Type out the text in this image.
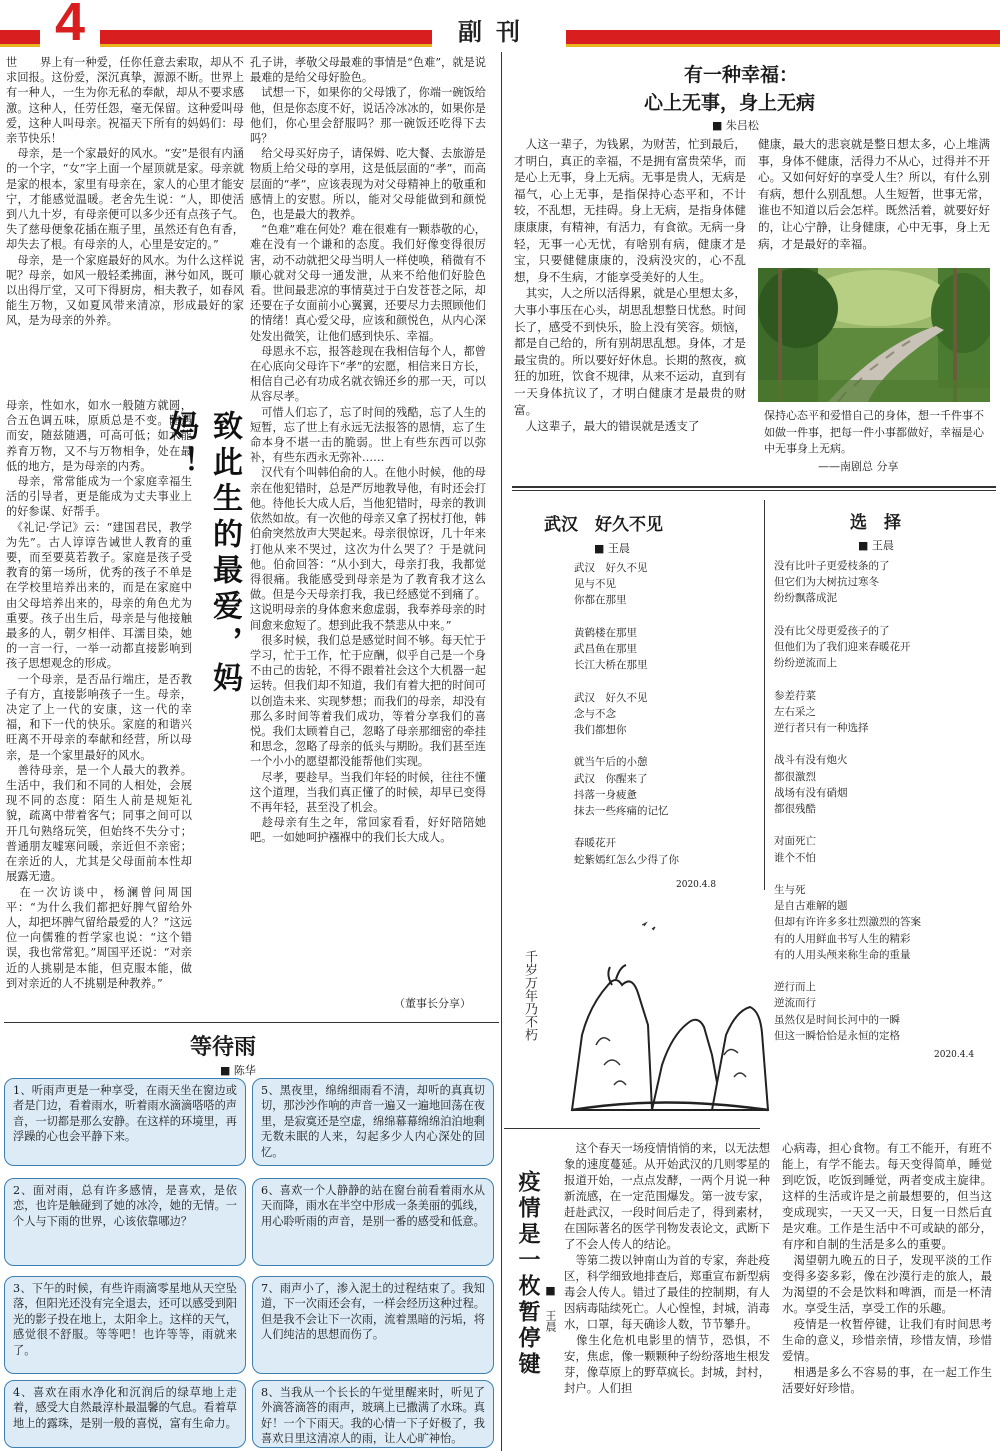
4	副刊
世　　界上有一种爱，任你任意去索取，却从不求回报。这份爱，深沉真挚，源源不断。世界上有一种人，一生为你无私的奉献，却从不要求感激。这种人，任劳任怨，毫无保留。这种爱叫母爱，这种人叫母亲。祝福天下所有的妈妈们：母亲节快乐！
　母亲，是一个家最好的风水。“安”是很有内涵的一个字，“女”字上面一个屋顶就是家。母亲就是家的根本，家里有母亲在，家人的心里才能安宁，才能感觉温暖。老舍先生说：“人，即使活到八九十岁，有母亲便可以多少还有点孩子气。失了慈母便象花插在瓶子里，虽然还有色有香，却失去了根。有母亲的人，心里是安定的。”
　母亲，是一个家庭最好的风水。为什么这样说呢？母亲，如风一般轻柔拂面，淋兮如风，既可以出得厅堂，又可下得厨房，相夫教子，如春风能生万物，又如夏风带来清凉，形成最好的家风，是为母亲的外养。
母亲，性如水，如水一般随方就圆，合五色调五味，原质总是不变。随遇而安，随兹随遇，可高可低；如水能养育万物，又不与万物相争，处在最低的地方，是为母亲的内秀。
　母亲，常常能成为一个家庭幸福生活的引导者，更是能成为丈夫事业上的好参谋、好帮手。
　《礼记·学记》云：“建国君民，教学为先”。古人谆谆告诫世人教育的重要，而至要莫若教子。家庭是孩子受教育的第一场所，优秀的孩子不单是在学校里培养出来的，而是在家庭中由父母培养出来的，母亲的角色尤为重要。孩子出生后，母亲是与他接触最多的人，朝夕相伴、耳濡目染，她的一言一行，一举一动都直接影响到孩子思想观念的形成。
　一个母亲，是否品行端庄，是否教子有方，直接影响孩子一生。母亲，决定了上一代的安康，这一代的幸福，和下一代的快乐。家庭的和谐兴旺离不开母亲的奉献和经营，所以母亲，是一个家里最好的风水。
　善待母亲，是一个人最大的教养。生活中，我们和不同的人相处，会展现不同的态度：陌生人前是规矩礼貌，疏离中带着客气；同事之间可以开几句熟络玩笑，但始终不失分寸；普通朋友嘘寒问暖，亲近但不亲密；在亲近的人，尤其是父母面前本性却展露无遗。
　在一次访谈中，杨澜曾问周国平：“为什么我们都把好脾气留给外人，却把坏脾气留给最爱的人？”这远位一向儒雅的哲学家也说：“这个错误，我也常常犯。”周国平还说：“对亲近的人挑剔是本能，但克服本能，做到对亲近的人不挑剔是种教养。”
致此生的最爱，妈妈！
孔子讲，孝敬父母最难的事情是“色难”，就是说最难的是给父母好脸色。
　试想一下，如果你的父母饿了，你端一碗饭给他，但是你态度不好，说话冷冰冰的，如果你是他们，你心里会舒服吗？那一碗饭还吃得下去吗？
　给父母买好房子，请保姆、吃大餐、去旅游是物质上给父母的享用，这是低层面的“孝”，而高层面的“孝”，应该表现为对父母精神上的敬重和感情上的安慰。所以，能对父母能做到和颜悦色，也是最大的教养。
　“色难”难在何处？难在很难有一颗恭敬的心，难在没有一个谦和的态度。我们好像变得很厉害，动不动就把父母当明人一样使唤，稍微有不顺心就对父母一通发泄，从来不给他们好脸色看。世间最悲凉的事情莫过于白发苍苍之际，却还要在子女面前小心翼翼，还要尽力去照顾他们的情绪！真心爱父母，应该和颜悦色，从内心深处发出微笑，让他们感到快乐、幸福。
　母恩永不忘，报答趁现在我相信每个人，都曾在心底向父母许下“孝”的宏愿，相信来日方长，相信自己必有功成名就衣锦还乡的那一天，可以从容尽孝。
　可惜人们忘了，忘了时间的残酷，忘了人生的短暂，忘了世上有永远无法报答的恩情，忘了生命本身不堪一击的脆弱。世上有些东西可以弥补，有些东西永无弥补……
　汉代有个叫韩伯俞的人。在他小时候，他的母亲在他犯错时，总是严厉地教导他，有时还会打他。待他长大成人后，当他犯错时，母亲的教训依然如故。有一次他的母亲又拿了拐杖打他，韩伯俞突然放声大哭起来。母亲很惊讶，几十年来打他从来不哭过，这次为什么哭了？于是就问他。伯俞回答：“从小到大，母亲打我，我都觉得很痛。我能感受到母亲是为了教育我才这么做。但是今天母亲打我，我已经感觉不到痛了。这说明母亲的身体愈来愈虚弱，我奉养母亲的时间愈来愈短了。想到此我不禁悲从中来。”
　很多时候，我们总是感觉时间不够。每天忙于学习，忙于工作，忙于应酬，似乎自己是一个身不由己的齿轮，不得不跟着社会这个大机器一起运转。但我们却不知道，我们有着大把的时间可以创造未来、实现梦想；而我们的母亲，却没有那么多时间等着我们成功，等着分享我们的喜悦。我们太顾着自己，忽略了母亲那细密的牵挂和思念，忽略了母亲的低头与期盼。我们甚至连一个小小的愿望都没能帮他们实现。
　尽孝，要趁早。当我们年轻的时候，往往不懂这个道理，当我们真正懂了的时候，却早已变得不再年轻，甚至没了机会。
　趁母亲有生之年，常回家看看，好好陪陪她吧。一如她呵护襁褓中的我们长大成人。
（董事长分享）
有一种幸福：
心上无事，身上无病
■ 朱吕松
　人这一辈子，为钱累，为财苦，忙到最后，才明白，真正的幸福，不是拥有富贵荣华，而是心上无事，身上无病。无事是贵人，无病是福气，心上无事，是指保持心态平和，不计较，不乱想，无挂碍。身上无病，是指身体健康康康，有精神，有活力，有食欲。无病一身轻，无事一心无忧，有啥别有病，健康才是宝，只要健健康康的，没病没灾的，心不乱想，身不生病，才能享受美好的人生。
　其实，人之所以活得累，就是心里想太多，大事小事压在心头，胡思乱想整日忧愁。时间长了，感受不到快乐，脸上没有笑容。烦恼，都是自己给的，所有别胡思乱想。身体，才是最宝贵的。所以要好好休息。长期的熬夜，疯狂的加班，饮食不规律，从来不运动，直到有一天身体抗议了，才明白健康才是最贵的财富。
　人这辈子，最大的错误就是透支了
健康，最大的悲哀就是整日想太多，心上堆满事，身体不健康，活得力不从心，过得并不开心。又如何好好的享受人生？所以，有什么别有病，想什么别乱想。人生短暂，世事无常，谁也不知道以后会怎样。既然活着，就要好好的，让心宁静，让身健康，心中无事，身上无病，才是最好的幸福。
保持心态平和爱惜自己的身体，想一千件事不如做一件事，把每一件小事都做好，幸福是心中无事身上无病。
——南剧总 分享
武汉　好久不见
■ 王晨
武汉　好久不见
见与不见
你都在那里

黄鹤楼在那里
武昌鱼在那里
长江大桥在那里

武汉　好久不见
念与不念
我们都想你

就当午后的小憩
武汉　你醒来了
抖落一身疲惫
抹去一些疼痛的记忆

春暖花开
蛇紫嫣红怎么少得了你
2020.4.8
选　择
■ 王晨
没有比叶子更爱枝条的了
但它们为大树抗过寒冬
纷纷飘落成泥

没有比父母更爱孩子的了
但他们为了我们迎来春暖花开
纷纷逆流而上

参差荇菜
左右采之
逆行者只有一种选择

战斗有没有炮火
都很激烈
战场有没有硝烟
都很残酷

对面死亡
谁个不怕

生与死
是自古难解的题
但却有许许多多壮烈激烈的答案
有的人用鲜血书写人生的精彩
有的人用头颅来称生命的重量

逆行而上
逆流而行
虽然仅是时间长河中的一瞬
但这一瞬恰恰是永恒的定格
2020.4.4
千岁万年乃不朽
等待雨
■ 陈华
1、听雨声更是一种享受，在雨天坐在窗边或者是门边，看着雨水，听着雨水滴滴嗒嗒的声音，一切都是那么安静。在这样的环境里，再浮躁的心也会平静下来。
2、面对雨，总有许多感情，是喜欢，是依恋，也许是触碰到了她的冰冷，她的无情。一个人与下雨的世界，心该依靠哪边？
3、下午的时候，有些许雨滴零星地从天空坠落，但阳光还没有完全退去，还可以感受到阳光的影子投在地上，太阳伞上。这样的天气，感觉很不舒服。等等吧！也许等等，雨就来了。
4、喜欢在雨水净化和沉润后的绿草地上走着，感受大自然最淳朴最温馨的气息。看着草地上的露珠，是别一般的喜悦，富有生命力。
5、黑夜里，绵绵细雨看不清，却听的真真切切，那沙沙作响的声音一遍又一遍地回荡在夜里，是寂寞还是空虚，绵绵幕幕绵绵泊泊地剩无数未眠的人来，勾起多少人内心深处的回忆。
6、喜欢一个人静静的站在窗台前看着雨水从天而降，雨水在半空中形成一条美丽的弧线，用心聆听雨的声音，是别一番的感受和低意。
7、雨声小了，渗入泥土的过程结束了。我知道，下一次雨还会有，一样会经历这种过程。但是我不会让下一次雨，流着黑暗的污垢，将人们纯洁的思想而伤了。
8、当我从一个长长的午觉里醒来时，听见了外滴答滴答的雨声，玻璃上已撒满了水珠。真好！一个下雨天。我的心情一下子好极了，我喜欢日里这清凉人的雨，让人心旷神怡。
疫情是一枚暂停键 ■ 王晨
　这个春天一场疫情悄悄的来，以无法想象的速度蔓延。从开始武汉的几则零星的报道开始，一点点发酵，一两个月说一种新流感，在一定范围爆发。第一波专家，赶赴武汉，一段时间后走了，得到素材，在国际著名的医学刊物发表论文，武断下了不会人传人的结论。
　等第二拨以钟南山为首的专家，奔赴疫区，科学细致地排查后，郑重宣布新型病毒会人传人。错过了最佳的控制期，有人因病毒陆续死亡。人心惶惶，封城，消毒水，口罩，每天确诊人数，节节攀升。
　像生化危机电影里的情节，恐惧，不安，焦虑，像一颗颗种子纷纷落地生根发芽，像草原上的野草疯长。封城，封村，封户。人们担
心病毒，担心食物。有工不能开，有班不能上，有学不能去。每天变得简单，睡觉到吃饭，吃饭到睡觉，两者变成主旋律。这样的生活或许是之前最想要的，但当这变成现实，一天又一天，日复一日然后直是灾难。工作是生活中不可或缺的部分，有序和自制的生活是多么的重要。
　渴望朝九晚五的日子，发现平淡的工作变得多姿多彩，像在沙漠行走的旅人，最为渴望的不会是饮料和啤酒，而是一杯清水。享受生活，享受工作的乐趣。
　疫情是一枚暂停键，让我们有时间思考生命的意义，珍惜亲情，珍惜友情，珍惜爱情。
　相遇是多么不容易的事，在一起工作生活要好好珍惜。
